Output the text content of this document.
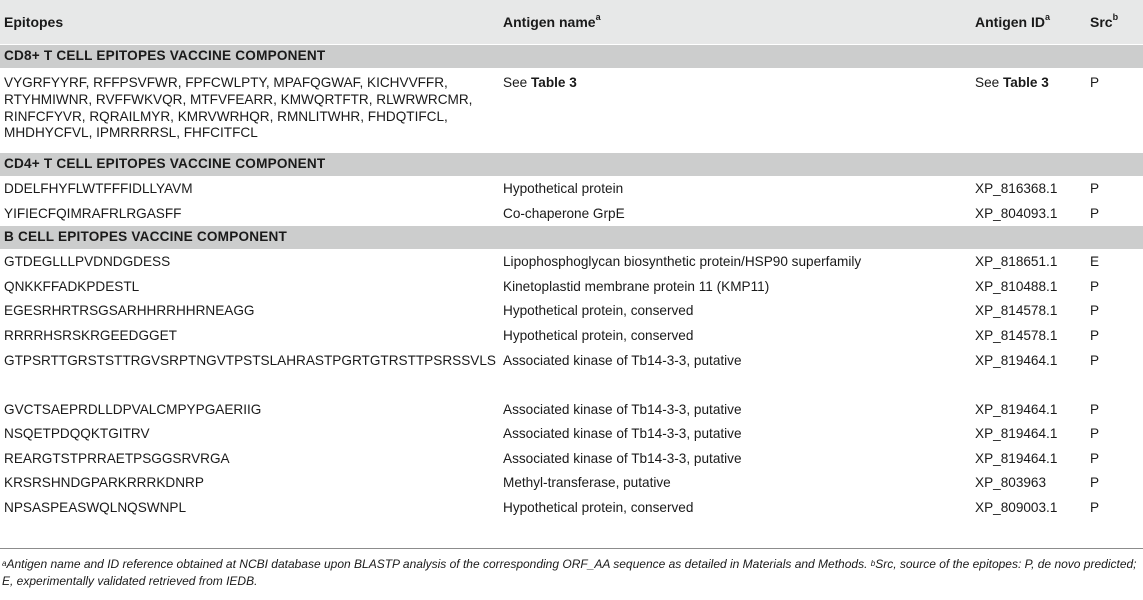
Epitopes	Antigen name$^a$	Antigen $ID^a$	Src$^b$
CD8+ T CELL EPITOPES VACCINE COMPONENT			
VYGRFYYRF, RFFPSVFWR, FPFCWLPTY, MPAFQGWAF, KICHVVFFR, RTYHMIWNR, RVFFWKVQR, MTFVFEARR, KMWQRTFTR, RLWRWRCMR, RINFCFYVR, RQRAILMYR, KMRVWRHQR, RMNLITWHR, FHDQTIFCL, MHDHYCFVL, IPMRRRRSL, FHFCITFCL	See Table 3	See Table 3	P
CD4+ T CELL EPITOPES VACCINE COMPONENT			
DDELFHYFLWTFFFIDLLYAVM	Hypothetical protein	XP_816368.1	P
YIFIECFQIMRAFRLRGASFF	Co-chaperone GrpE	XP_804093.1	P
B CELL EPITOPES VACCINE COMPONENT			
GTDEGLLLPVDNDGDESS	Lipophosphoglycan biosynthetic protein/HSP90 superfamily	XP_818651.1	E
QNKKFFADKPDESTL	Kinetoplastid membrane protein 11 (KMP11)	XP_810488.1	P
EGESRHRTRSGSARHHRRHHRNEAGG	Hypothetical protein, conserved	XP_814578.1	P
RRRRHSRSKRGEEDGGET	Hypothetical protein, conserved	XP_814578.1	P
GTPSRTTGRSTSTTRGVSRPTNGVTPSTSLAHRASTPGRTGTRSTTPSRSSVLS	Associated kinase of Tb14-3-3, putative	XP_819464.1	P
GVCTSAEPRDLLDPVALCMPYPGAERIIG	Associated kinase of Tb14-3-3, putative	XP_819464.1	P
NSQETPDQQKTGITRV	Associated kinase of Tb14-3-3, putative	XP_819464.1	P
REARGTSTPRRAETPSGGSRVRGA	Associated kinase of Tb14-3-3, putative	XP_819464.1	P
KRSRSHNDGPARKRRRKDNRP	Methyl-transferase, putative	XP_803963	P
NPSASPEASWQLNQSWNPL	Hypothetical protein, conserved	XP_809003.1	P
$^a$Antigen name and ID reference obtained at NCBI database upon BLASTP analysis of the corresponding ORF_AA sequence as detailed in Materials and Methods. $^b$Src, source of the epitopes: P, de novo predicted; E, experimentally validated retrieved from IEDB.
